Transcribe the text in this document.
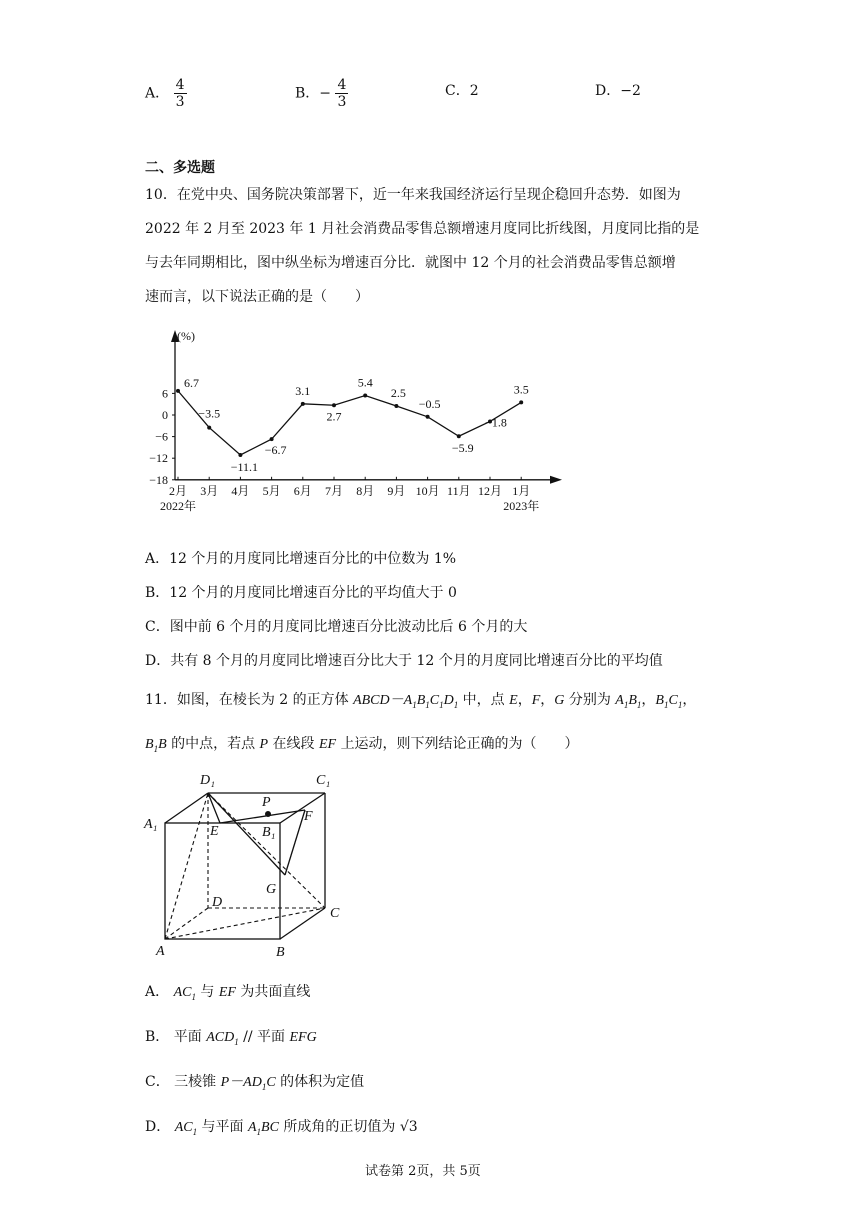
A． $\frac{4}{3}$	B．− $\frac{4}{3}$	C．2	D．−2
二、多选题
10．在党中央、国务院决策部署下，近一年来我国经济运行呈现企稳回升态势．如图为
2022 年 2 月至 2023 年 1 月社会消费品零售总额增速月度同比折线图，月度同比指的是
与去年同期相比，图中纵坐标为增速百分比．就图中 12 个月的社会消费品零售总额增
速而言，以下说法正确的是（　　）
(%)
6
0
−6
−12
−18
2月 3月 4月 5月 6月 7月 8月 9月 10月 11月 12月 1月
2022年	2023年
6.7
−3.5
−11.1
−6.7
3.1
2.7
5.4
2.5
−0.5
−5.9
−1.8
3.5
A．12 个月的月度同比增速百分比的中位数为 1%
B．12 个月的月度同比增速百分比的平均值大于 0
C．图中前 6 个月的月度同比增速百分比波动比后 6 个月的大
D．共有 8 个月的月度同比增速百分比大于 12 个月的月度同比增速百分比的平均值
11．如图，在棱长为 2 的正方体 $ABCD-A_1B_1C_1D_1$ 中，点 E，F，G 分别为 $A_1B_1$，$B_1C_1$，
$B_1B$ 的中点，若点 P 在线段 EF 上运动，则下列结论正确的为（　　）
D₁	C₁
A₁
P
E	B₁
F
G
D
C
A	B
A． $AC_1$ 与 EF 为共面直线
B． 平面 $ACD_1$ // 平面 EFG
C． 三棱锥 $P-AD_1C$ 的体积为定值
D． $AC_1$ 与平面 $A_1BC$ 所成角的正切值为 √3
试卷第 2页，共 5页
